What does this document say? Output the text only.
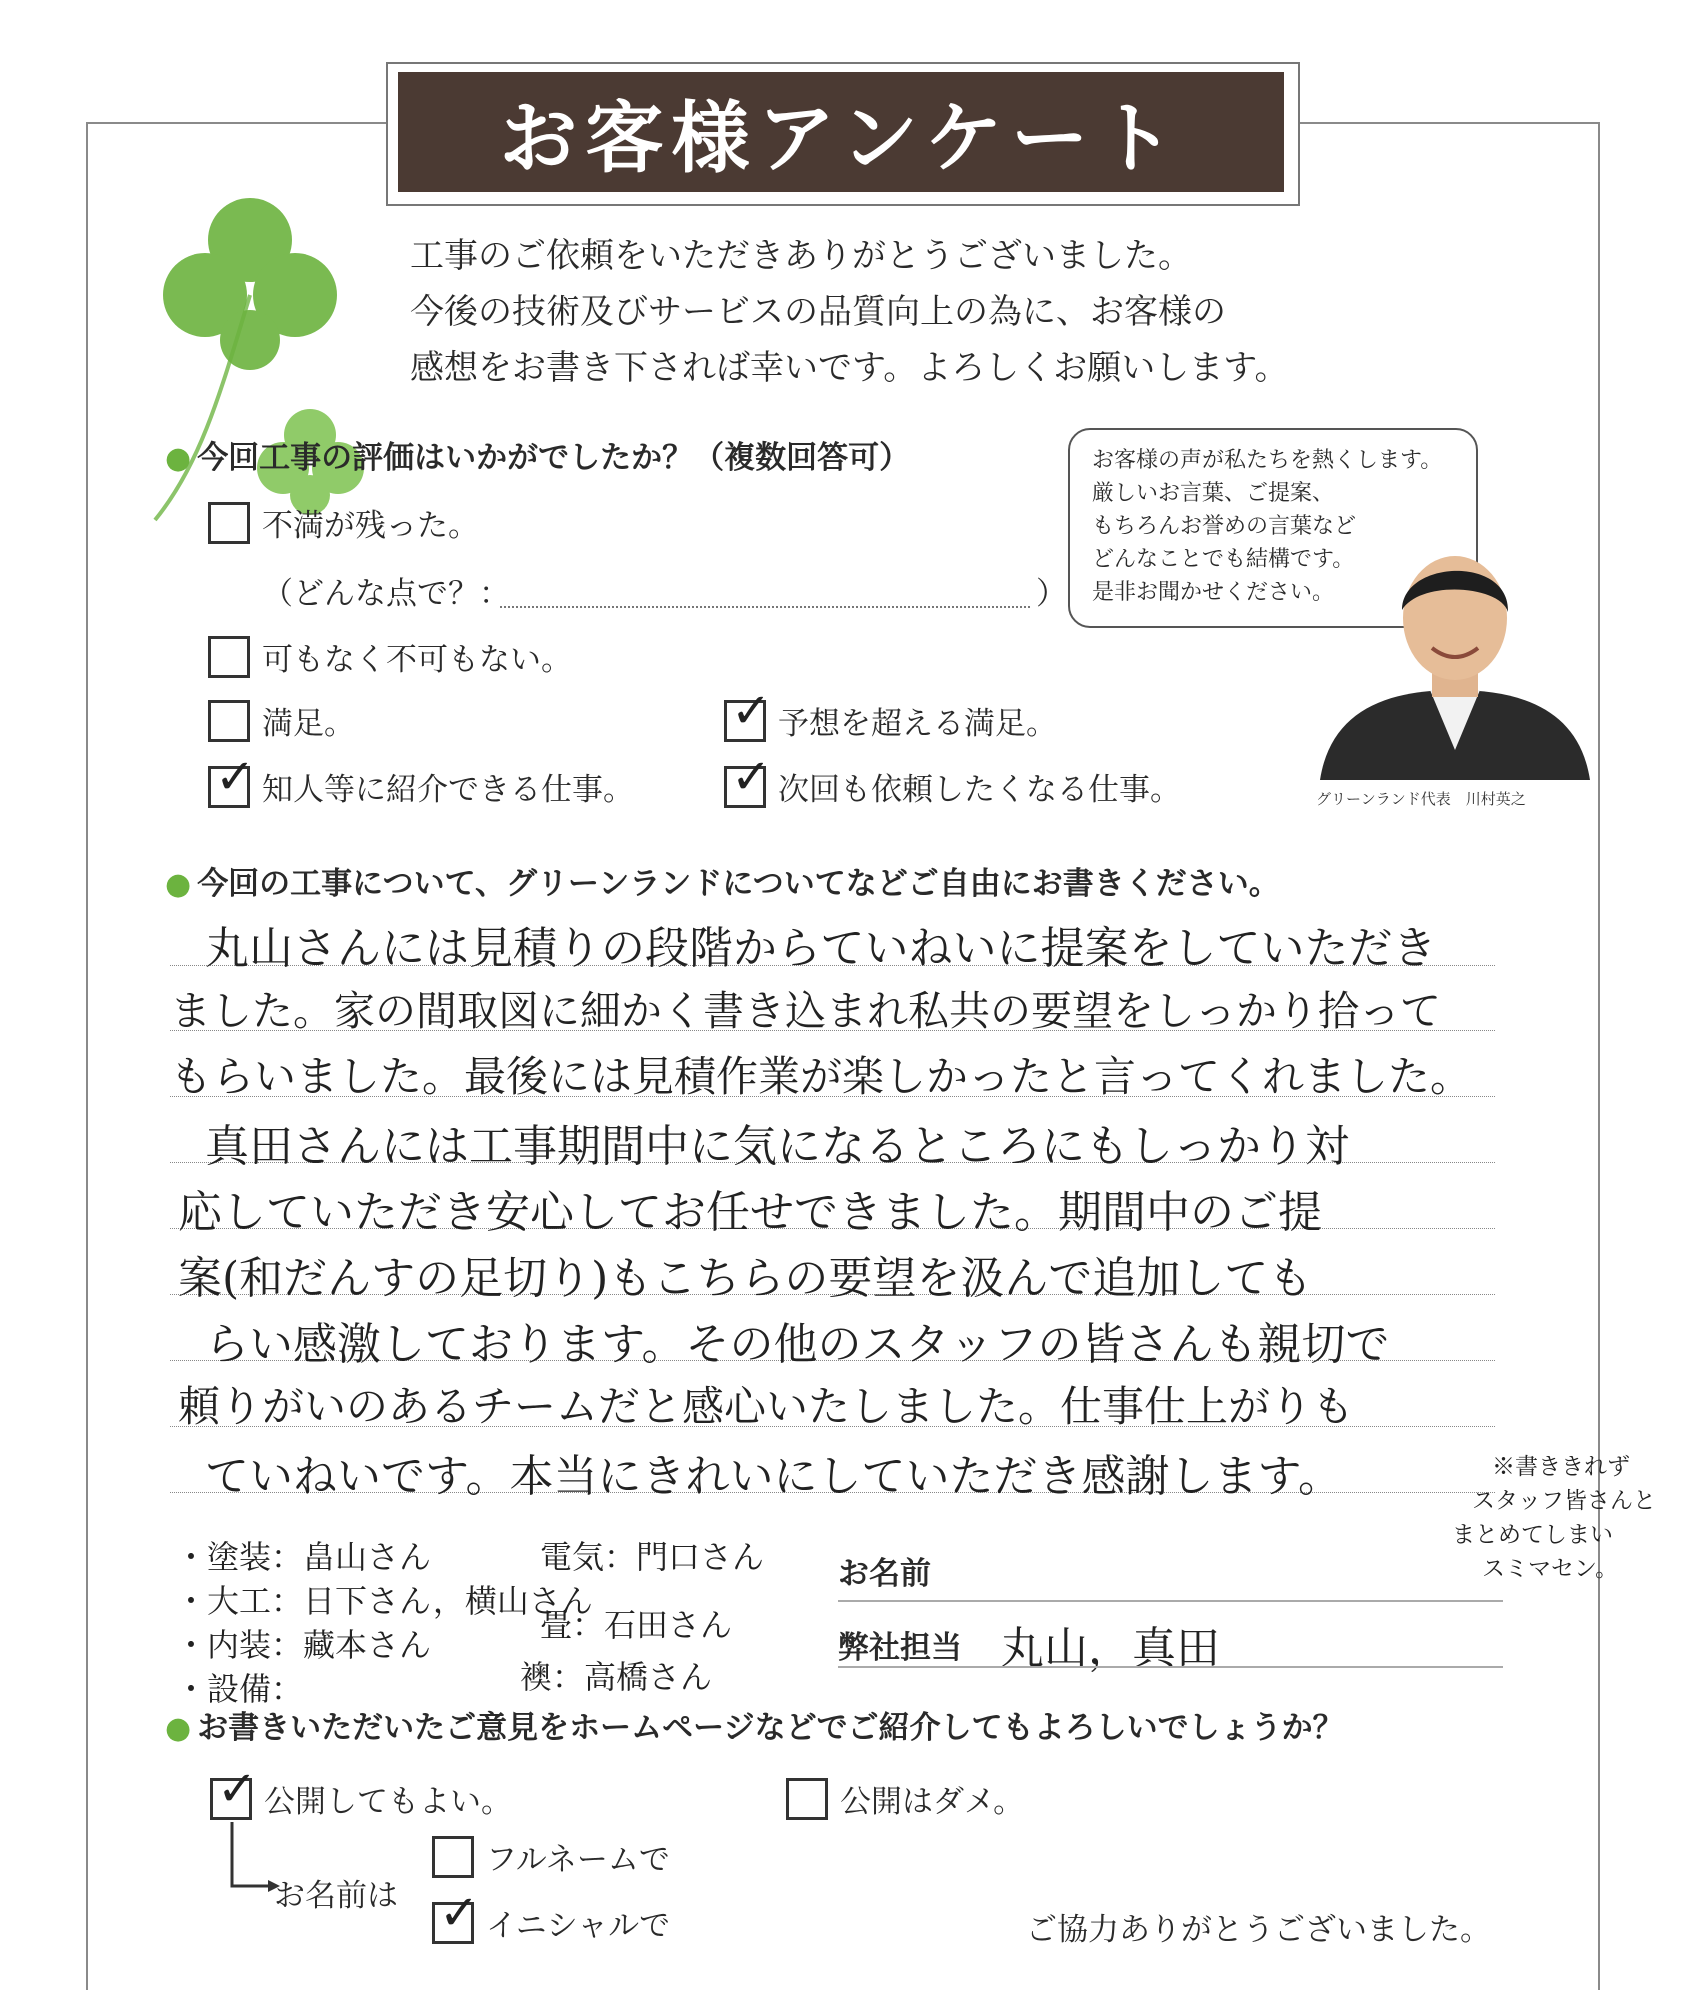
お客様アンケート
工事のご依頼をいただきありがとうございました。
今後の技術及びサービスの品質向上の為に、お客様の
感想をお書き下されば幸いです。よろしくお願いします。
お客様の声が私たちを熱くします。
厳しいお言葉、ご提案、
もちろんお誉めの言葉など
どんなことでも結構です。
是非お聞かせください。
グリーンランド代表　川村英之
● 今回工事の評価はいかがでしたか？（複数回答可）
不満が残った。
（どんな点で？：	）
可もなく不可もない。
満足。	✓ 予想を超える満足。
✓ 知人等に紹介できる仕事。 ✓ 次回も依頼したくなる仕事。
● 今回の工事について、グリーンランドについてなどご自由にお書きください。
丸山さんには見積りの段階からていねいに提案をしていただき
ました。家の間取図に細かく書き込まれ私共の要望をしっかり拾って
もらいました。最後には見積作業が楽しかったと言ってくれました。
真田さんには工事期間中に気になるところにもしっかり対
応していただき安心してお任せできました。期間中のご提
案(和だんすの足切り)もこちらの要望を汲んで追加しても
らい感激しております。その他のスタッフの皆さんも親切で
頼りがいのあるチームだと感心いたしました。仕事仕上がりも
ていねいです。本当にきれいにしていただき感謝します。	※書ききれず
スタッフ皆さんと
まとめてしまい
スミマセン。
・塗装：畠山さん
・大工：日下さん，横山さん
・内装：藏本さん
・設備：
電気：門口さん
畳：石田さん
襖：高橋さん
お名前
弊社担当 丸山，真田
● お書きいただいたご意見をホームページなどでご紹介してもよろしいでしょうか？
✓ 公開してもよい。	公開はダメ。
お名前は
フルネームで
✓ イニシャルで	ご協力ありがとうございました。
